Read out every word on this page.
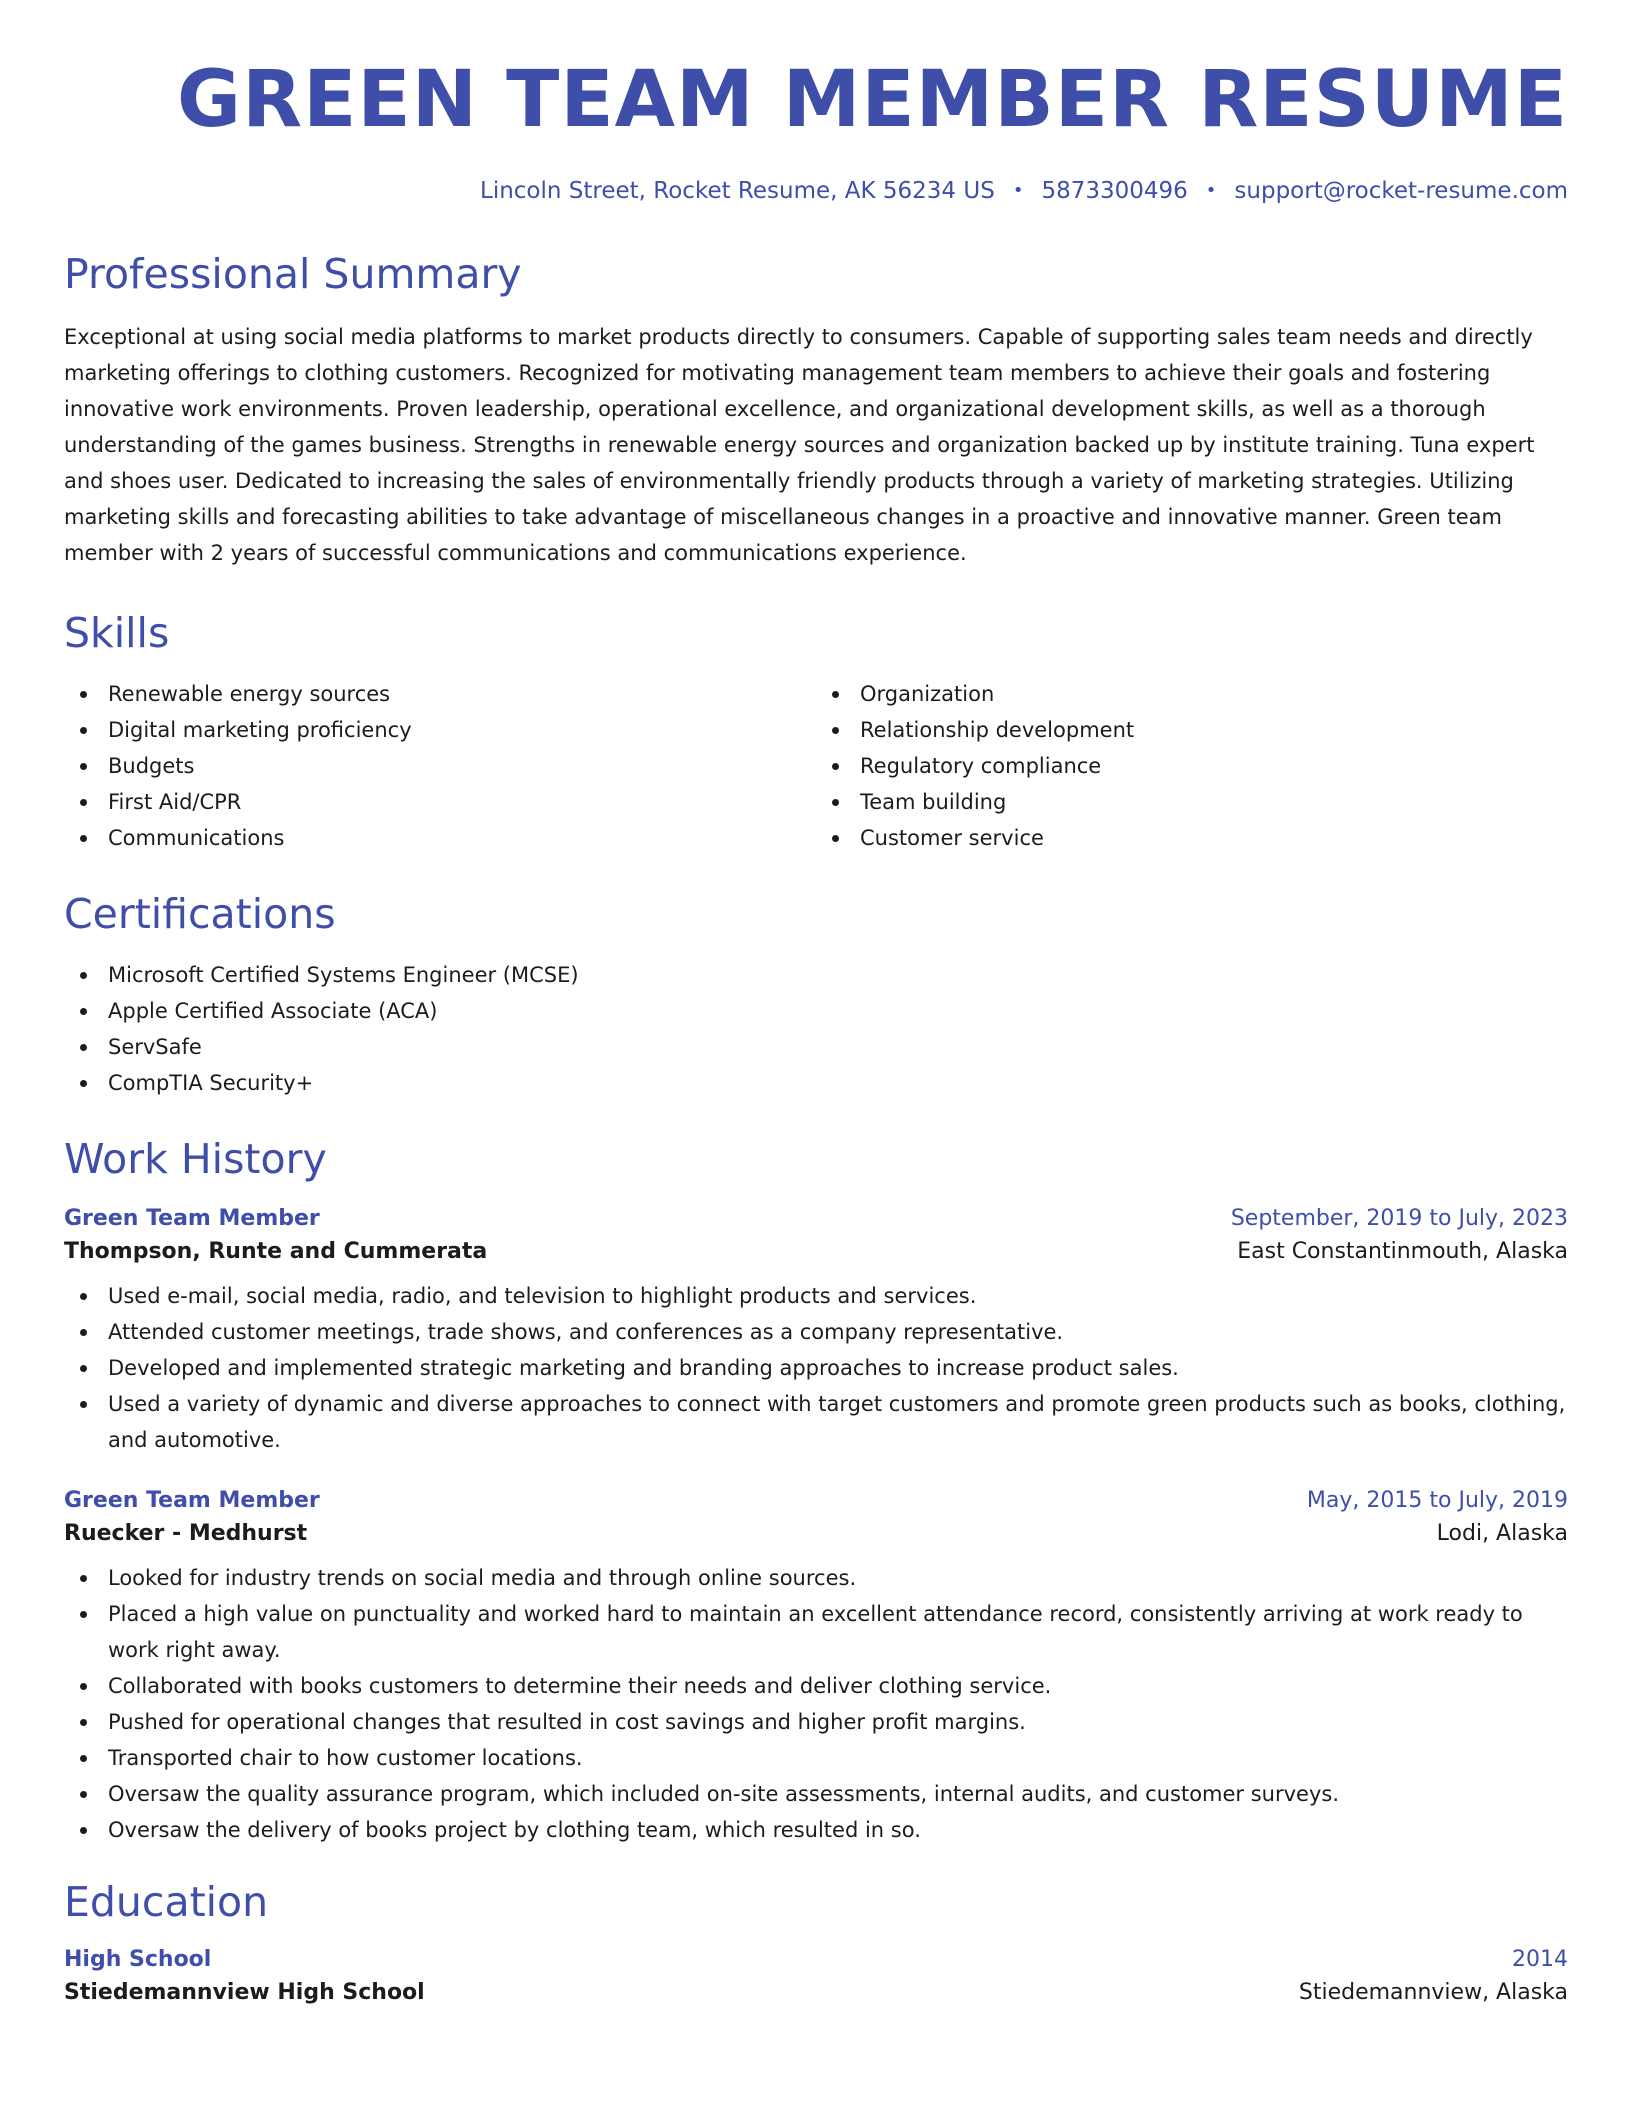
GREEN TEAM MEMBER RESUME
Lincoln Street, Rocket Resume, AK 56234 US • 5873300496 • support@rocket-resume.com
Professional Summary

Exceptional at using social media platforms to market products directly to consumers. Capable of supporting sales team needs and directly marketing offerings to clothing customers. Recognized for motivating management team members to achieve their goals and fostering innovative work environments. Proven leadership, operational excellence, and organizational development skills, as well as a thorough understanding of the games business. Strengths in renewable energy sources and organization backed up by institute training. Tuna expert and shoes user. Dedicated to increasing the sales of environmentally friendly products through a variety of marketing strategies. Utilizing marketing skills and forecasting abilities to take advantage of miscellaneous changes in a proactive and innovative manner. Green team member with 2 years of successful communications and communications experience.

Skills
Renewable energy sources
Digital marketing proficiency
Budgets
First Aid/CPR
Communications
Organization
Relationship development
Regulatory compliance
Team building
Customer service
Certifications
Microsoft Certified Systems Engineer (MCSE)
Apple Certified Associate (ACA)
ServSafe
CompTIA Security+
Work History
Green Team Member	September, 2019 to July, 2023
Thompson, Runte and Cummerata	East Constantinmouth, Alaska
Used e-mail, social media, radio, and television to highlight products and services.
Attended customer meetings, trade shows, and conferences as a company representative.
Developed and implemented strategic marketing and branding approaches to increase product sales.
Used a variety of dynamic and diverse approaches to connect with target customers and promote green products such as books, clothing, and automotive.
Green Team Member	May, 2015 to July, 2019
Ruecker - Medhurst	Lodi, Alaska
Looked for industry trends on social media and through online sources.
Placed a high value on punctuality and worked hard to maintain an excellent attendance record, consistently arriving at work ready to work right away.
Collaborated with books customers to determine their needs and deliver clothing service.
Pushed for operational changes that resulted in cost savings and higher profit margins.
Transported chair to how customer locations.
Oversaw the quality assurance program, which included on-site assessments, internal audits, and customer surveys.
Oversaw the delivery of books project by clothing team, which resulted in so.
Education
High School	2014
Stiedemannview High School	Stiedemannview, Alaska
